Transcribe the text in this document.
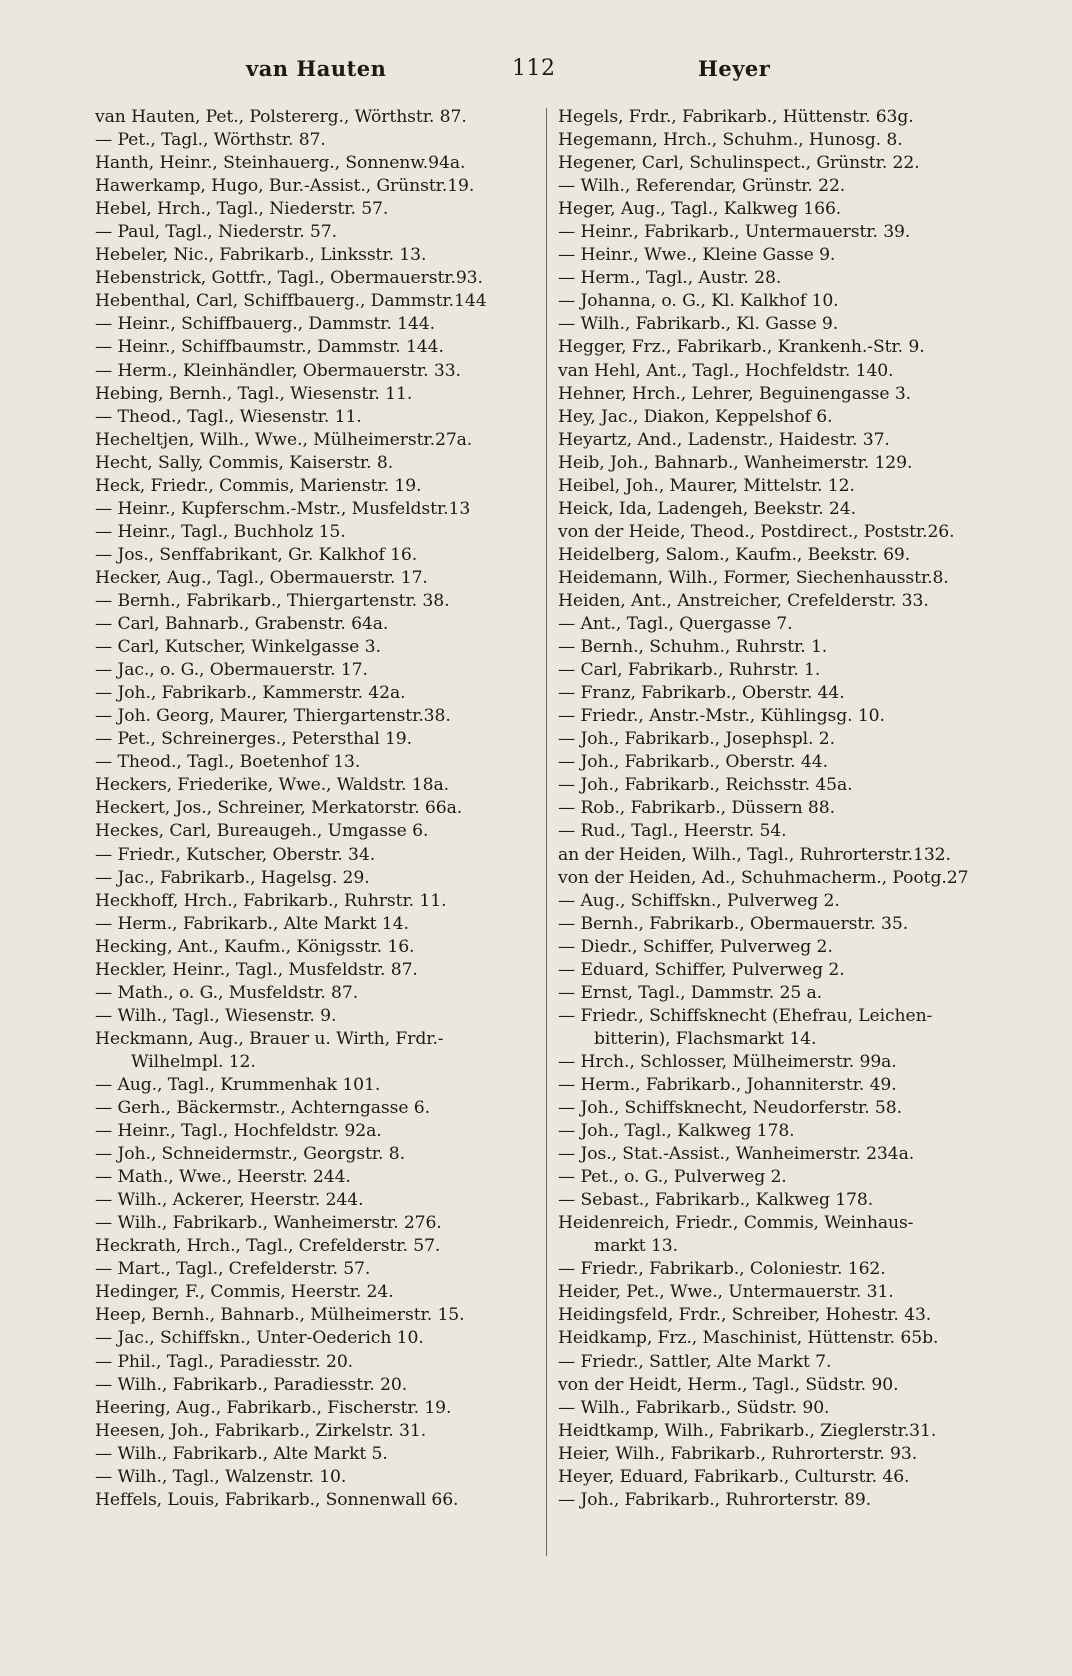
van Hauten	112	Heyer
van Hauten, Pet., Polstererg., Wörthstr. 87.
— Pet., Tagl., Wörthstr. 87.
Hanth, Heinr., Steinhauerg., Sonnenw.94a.
Hawerkamp, Hugo, Bur.-Assist., Grünstr.19.
Hebel, Hrch., Tagl., Niederstr. 57.
— Paul, Tagl., Niederstr. 57.
Hebeler, Nic., Fabrikarb., Linksstr. 13.
Hebenstrick, Gottfr., Tagl., Obermauerstr.93.
Hebenthal, Carl, Schiffbauerg., Dammstr.144
— Heinr., Schiffbauerg., Dammstr. 144.
— Heinr., Schiffbaumstr., Dammstr. 144.
— Herm., Kleinhändler, Obermauerstr. 33.
Hebing, Bernh., Tagl., Wiesenstr. 11.
— Theod., Tagl., Wiesenstr. 11.
Hecheltjen, Wilh., Wwe., Mülheimerstr.27a.
Hecht, Sally, Commis, Kaiserstr. 8.
Heck, Friedr., Commis, Marienstr. 19.
— Heinr., Kupferschm.-Mstr., Musfeldstr.13
— Heinr., Tagl., Buchholz 15.
— Jos., Senffabrikant, Gr. Kalkhof 16.
Hecker, Aug., Tagl., Obermauerstr. 17.
— Bernh., Fabrikarb., Thiergartenstr. 38.
— Carl, Bahnarb., Grabenstr. 64a.
— Carl, Kutscher, Winkelgasse 3.
— Jac., o. G., Obermauerstr. 17.
— Joh., Fabrikarb., Kammerstr. 42a.
— Joh. Georg, Maurer, Thiergartenstr.38.
— Pet., Schreinerges., Petersthal 19.
— Theod., Tagl., Boetenhof 13.
Heckers, Friederike, Wwe., Waldstr. 18a.
Heckert, Jos., Schreiner, Merkatorstr. 66a.
Heckes, Carl, Bureaugeh., Umgasse 6.
— Friedr., Kutscher, Oberstr. 34.
— Jac., Fabrikarb., Hagelsg. 29.
Heckhoff, Hrch., Fabrikarb., Ruhrstr. 11.
— Herm., Fabrikarb., Alte Markt 14.
Hecking, Ant., Kaufm., Königsstr. 16.
Heckler, Heinr., Tagl., Musfeldstr. 87.
— Math., o. G., Musfeldstr. 87.
— Wilh., Tagl., Wiesenstr. 9.
Heckmann, Aug., Brauer u. Wirth, Frdr.-
Wilhelmpl. 12.
— Aug., Tagl., Krummenhak 101.
— Gerh., Bäckermstr., Achterngasse 6.
— Heinr., Tagl., Hochfeldstr. 92a.
— Joh., Schneidermstr., Georgstr. 8.
— Math., Wwe., Heerstr. 244.
— Wilh., Ackerer, Heerstr. 244.
— Wilh., Fabrikarb., Wanheimerstr. 276.
Heckrath, Hrch., Tagl., Crefelderstr. 57.
— Mart., Tagl., Crefelderstr. 57.
Hedinger, F., Commis, Heerstr. 24.
Heep, Bernh., Bahnarb., Mülheimerstr. 15.
— Jac., Schiffskn., Unter-Oederich 10.
— Phil., Tagl., Paradiesstr. 20.
— Wilh., Fabrikarb., Paradiesstr. 20.
Heering, Aug., Fabrikarb., Fischerstr. 19.
Heesen, Joh., Fabrikarb., Zirkelstr. 31.
— Wilh., Fabrikarb., Alte Markt 5.
— Wilh., Tagl., Walzenstr. 10.
Heffels, Louis, Fabrikarb., Sonnenwall 66.
Hegels, Frdr., Fabrikarb., Hüttenstr. 63g.
Hegemann, Hrch., Schuhm., Hunosg. 8.
Hegener, Carl, Schulinspect., Grünstr. 22.
— Wilh., Referendar, Grünstr. 22.
Heger, Aug., Tagl., Kalkweg 166.
— Heinr., Fabrikarb., Untermauerstr. 39.
— Heinr., Wwe., Kleine Gasse 9.
— Herm., Tagl., Austr. 28.
— Johanna, o. G., Kl. Kalkhof 10.
— Wilh., Fabrikarb., Kl. Gasse 9.
Hegger, Frz., Fabrikarb., Krankenh.-Str. 9.
van Hehl, Ant., Tagl., Hochfeldstr. 140.
Hehner, Hrch., Lehrer, Beguinengasse 3.
Hey, Jac., Diakon, Keppelshof 6.
Heyartz, And., Ladenstr., Haidestr. 37.
Heib, Joh., Bahnarb., Wanheimerstr. 129.
Heibel, Joh., Maurer, Mittelstr. 12.
Heick, Ida, Ladengeh, Beekstr. 24.
von der Heide, Theod., Postdirect., Poststr.26.
Heidelberg, Salom., Kaufm., Beekstr. 69.
Heidemann, Wilh., Former, Siechenhausstr.8.
Heiden, Ant., Anstreicher, Crefelderstr. 33.
— Ant., Tagl., Quergasse 7.
— Bernh., Schuhm., Ruhrstr. 1.
— Carl, Fabrikarb., Ruhrstr. 1.
— Franz, Fabrikarb., Oberstr. 44.
— Friedr., Anstr.-Mstr., Kühlingsg. 10.
— Joh., Fabrikarb., Josephspl. 2.
— Joh., Fabrikarb., Oberstr. 44.
— Joh., Fabrikarb., Reichsstr. 45a.
— Rob., Fabrikarb., Düssern 88.
— Rud., Tagl., Heerstr. 54.
an der Heiden, Wilh., Tagl., Ruhrorterstr.132.
von der Heiden, Ad., Schuhmacherm., Pootg.27
— Aug., Schiffskn., Pulverweg 2.
— Bernh., Fabrikarb., Obermauerstr. 35.
— Diedr., Schiffer, Pulverweg 2.
— Eduard, Schiffer, Pulverweg 2.
— Ernst, Tagl., Dammstr. 25 a.
— Friedr., Schiffsknecht (Ehefrau, Leichen-
bitterin), Flachsmarkt 14.
— Hrch., Schlosser, Mülheimerstr. 99a.
— Herm., Fabrikarb., Johanniterstr. 49.
— Joh., Schiffsknecht, Neudorferstr. 58.
— Joh., Tagl., Kalkweg 178.
— Jos., Stat.-Assist., Wanheimerstr. 234a.
— Pet., o. G., Pulverweg 2.
— Sebast., Fabrikarb., Kalkweg 178.
Heidenreich, Friedr., Commis, Weinhaus-
markt 13.
— Friedr., Fabrikarb., Coloniestr. 162.
Heider, Pet., Wwe., Untermauerstr. 31.
Heidingsfeld, Frdr., Schreiber, Hohestr. 43.
Heidkamp, Frz., Maschinist, Hüttenstr. 65b.
— Friedr., Sattler, Alte Markt 7.
von der Heidt, Herm., Tagl., Südstr. 90.
— Wilh., Fabrikarb., Südstr. 90.
Heidtkamp, Wilh., Fabrikarb., Zieglerstr.31.
Heier, Wilh., Fabrikarb., Ruhrorterstr. 93.
Heyer, Eduard, Fabrikarb., Culturstr. 46.
— Joh., Fabrikarb., Ruhrorterstr. 89.
